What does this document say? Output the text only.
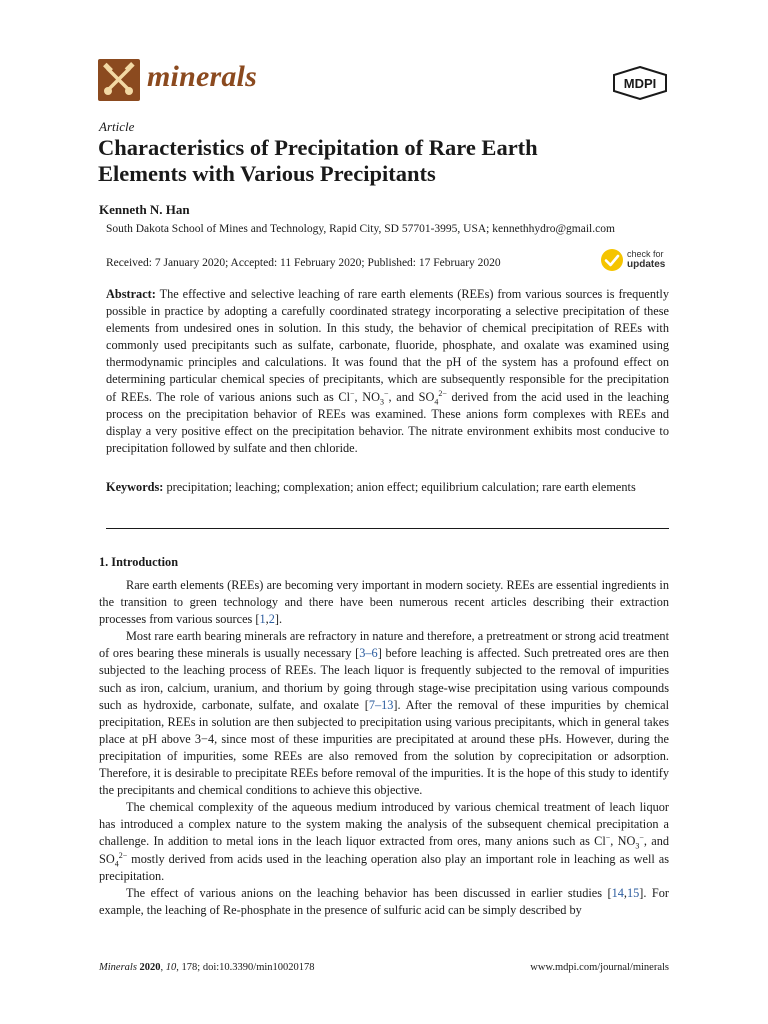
minerals	MDPI
Article
Characteristics of Precipitation of Rare Earth
Elements with Various Precipitants
Kenneth N. Han
South Dakota School of Mines and Technology, Rapid City, SD 57701-3995, USA; kennethhydro@gmail.com
Received: 7 January 2020; Accepted: 11 February 2020; Published: 17 February 2020
check for
updates
Abstract: The effective and selective leaching of rare earth elements (REEs) from various sources is frequently possible in practice by adopting a carefully coordinated strategy incorporating a selective precipitation of these elements from undesired ones in solution. In this study, the behavior of chemical precipitation of REEs with commonly used precipitants such as sulfate, carbonate, fluoride, phosphate, and oxalate was examined using thermodynamic principles and calculations. It was found that the pH of the system has a profound effect on determining particular chemical species of precipitants, which are subsequently responsible for the precipitation of REEs. The role of various anions such as Cl−, $NO_3^-$, and $SO_4^{2-}$ derived from the acid used in the leaching process on the precipitation behavior of REEs was examined. These anions form complexes with REEs and display a very positive effect on the precipitation behavior. The nitrate environment exhibits most conducive to precipitation followed by sulfate and then chloride.
Keywords: precipitation; leaching; complexation; anion effect; equilibrium calculation; rare earth elements
1. Introduction

Rare earth elements (REEs) are becoming very important in modern society. REEs are essential ingredients in the transition to green technology and there have been numerous recent articles describing their extraction processes from various sources [1,2].

Most rare earth bearing minerals are refractory in nature and therefore, a pretreatment or strong acid treatment of ores bearing these minerals is usually necessary [3–6] before leaching is affected. Such pretreated ores are then subjected to the leaching process of REEs. The leach liquor is frequently subjected to the removal of impurities such as iron, calcium, uranium, and thorium by going through stage-wise precipitation using various compounds such as hydroxide, carbonate, sulfate, and oxalate [7–13]. After the removal of these impurities by chemical precipitation, REEs in solution are then subjected to precipitation using various precipitants, which in general takes place at pH above 3−4, since most of these impurities are precipitated at around these pHs. However, during the precipitation of impurities, some REEs are also removed from the solution by coprecipitation or adsorption. Therefore, it is desirable to precipitate REEs before removal of the impurities. It is the hope of this study to identify the precipitants and chemical conditions to achieve this objective.

The chemical complexity of the aqueous medium introduced by various chemical treatment of leach liquor has introduced a complex nature to the system making the analysis of the subsequent chemical precipitation a challenge. In addition to metal ions in the leach liquor extracted from ores, many anions such as Cl−, $NO_3^-$, and $SO_4^{2-}$ mostly derived from acids used in the leaching operation also play an important role in leaching as well as precipitation.

The effect of various anions on the leaching behavior has been discussed in earlier studies [14,15]. For example, the leaching of Re-phosphate in the presence of sulfuric acid can be simply described by

Minerals 2020, 10, 178; doi:10.3390/min10020178	www.mdpi.com/journal/minerals
